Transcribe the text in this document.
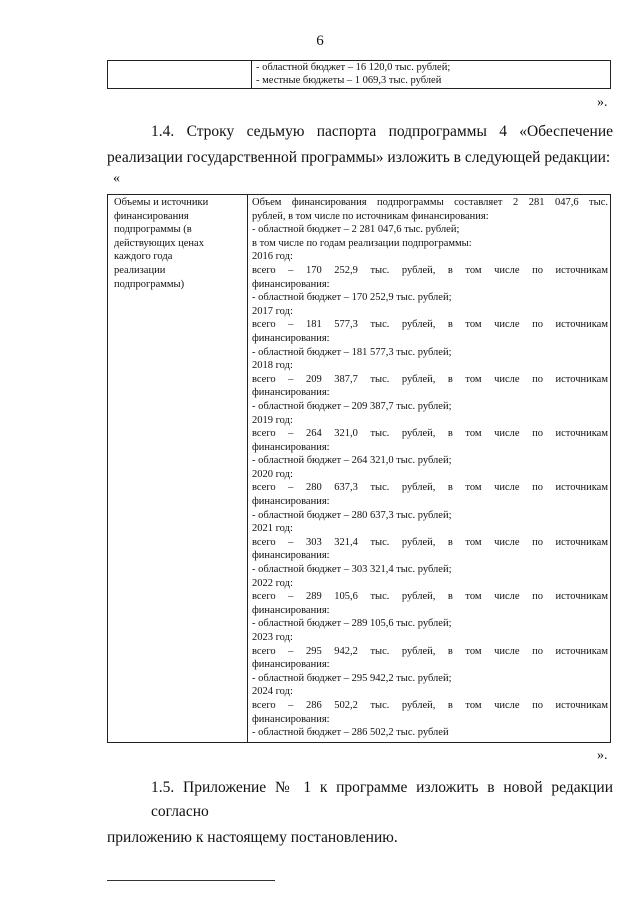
6
- областной бюджет – 16 120,0 тыс. рублей;
- местные бюджеты – 1 069,3 тыс. рублей
».
1.4. Строку седьмую паспорта подпрограммы 4 «Обеспечение
реализации государственной программы» изложить в следующей редакции:
«
Объемы и источники
финансирования
подпрограммы (в
действующих ценах
каждого года
реализации
подпрограммы)
Объем финансирования подпрограммы составляет 2 281 047,6 тыс.
рублей, в том числе по источникам финансирования:
- областной бюджет – 2 281 047,6 тыс. рублей;
в том числе по годам реализации подпрограммы:
2016 год:
всего – 170 252,9 тыс. рублей, в том числе по источникам
финансирования:
- областной бюджет – 170 252,9 тыс. рублей;
2017 год:
всего – 181 577,3 тыс. рублей, в том числе по источникам
финансирования:
- областной бюджет – 181 577,3 тыс. рублей;
2018 год:
всего – 209 387,7 тыс. рублей, в том числе по источникам
финансирования:
- областной бюджет – 209 387,7 тыс. рублей;
2019 год:
всего – 264 321,0 тыс. рублей, в том числе по источникам
финансирования:
- областной бюджет – 264 321,0 тыс. рублей;
2020 год:
всего – 280 637,3 тыс. рублей, в том числе по источникам
финансирования:
- областной бюджет – 280 637,3 тыс. рублей;
2021 год:
всего – 303 321,4 тыс. рублей, в том числе по источникам
финансирования:
- областной бюджет – 303 321,4 тыс. рублей;
2022 год:
всего – 289 105,6 тыс. рублей, в том числе по источникам
финансирования:
- областной бюджет – 289 105,6 тыс. рублей;
2023 год:
всего – 295 942,2 тыс. рублей, в том числе по источникам
финансирования:
- областной бюджет – 295 942,2 тыс. рублей;
2024 год:
всего – 286 502,2 тыс. рублей, в том числе по источникам
финансирования:
- областной бюджет – 286 502,2 тыс. рублей
».
1.5. Приложение № 1 к программе изложить в новой редакции согласно
приложению к настоящему постановлению.
